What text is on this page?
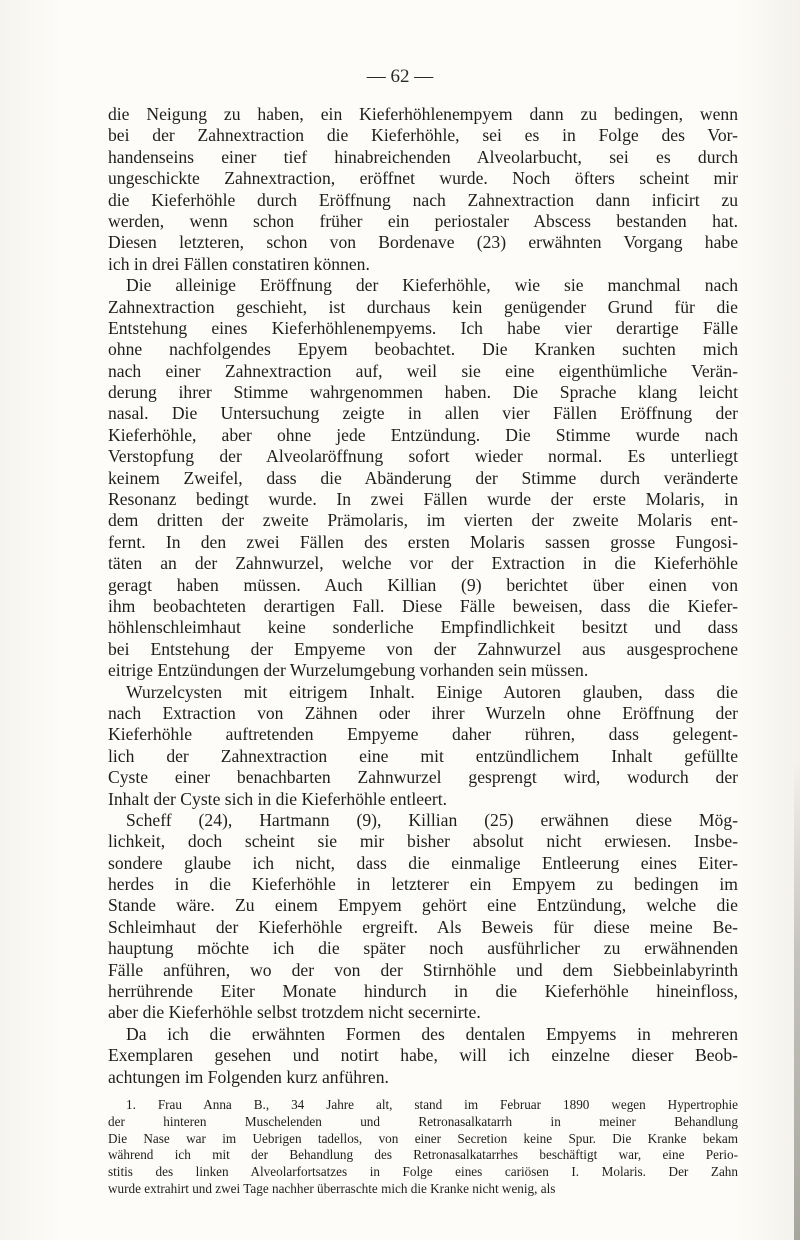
— 62 —
die Neigung zu haben, ein Kieferhöhlenempyem dann zu bedingen, wenn
bei der Zahnextraction die Kieferhöhle, sei es in Folge des Vor-
handenseins einer tief hinabreichenden Alveolarbucht, sei es durch
ungeschickte Zahnextraction, eröffnet wurde. Noch öfters scheint mir
die Kieferhöhle durch Eröffnung nach Zahnextraction dann inficirt zu
werden, wenn schon früher ein periostaler Abscess bestanden hat.
Diesen letzteren, schon von Bordenave (23) erwähnten Vorgang habe
ich in drei Fällen constatiren können.
Die alleinige Eröffnung der Kieferhöhle, wie sie manchmal nach
Zahnextraction geschieht, ist durchaus kein genügender Grund für die
Entstehung eines Kieferhöhlenempyems. Ich habe vier derartige Fälle
ohne nachfolgendes Epyem beobachtet. Die Kranken suchten mich
nach einer Zahnextraction auf, weil sie eine eigenthümliche Verän-
derung ihrer Stimme wahrgenommen haben. Die Sprache klang leicht
nasal. Die Untersuchung zeigte in allen vier Fällen Eröffnung der
Kieferhöhle, aber ohne jede Entzündung. Die Stimme wurde nach
Verstopfung der Alveolaröffnung sofort wieder normal. Es unterliegt
keinem Zweifel, dass die Abänderung der Stimme durch veränderte
Resonanz bedingt wurde. In zwei Fällen wurde der erste Molaris, in
dem dritten der zweite Prämolaris, im vierten der zweite Molaris ent-
fernt. In den zwei Fällen des ersten Molaris sassen grosse Fungosi-
täten an der Zahnwurzel, welche vor der Extraction in die Kieferhöhle
geragt haben müssen. Auch Killian (9) berichtet über einen von
ihm beobachteten derartigen Fall. Diese Fälle beweisen, dass die Kiefer-
höhlenschleimhaut keine sonderliche Empfindlichkeit besitzt und dass
bei Entstehung der Empyeme von der Zahnwurzel aus ausgesprochene
eitrige Entzündungen der Wurzelumgebung vorhanden sein müssen.
Wurzelcysten mit eitrigem Inhalt. Einige Autoren glauben, dass die
nach Extraction von Zähnen oder ihrer Wurzeln ohne Eröffnung der
Kieferhöhle auftretenden Empyeme daher rühren, dass gelegent-
lich der Zahnextraction eine mit entzündlichem Inhalt gefüllte
Cyste einer benachbarten Zahnwurzel gesprengt wird, wodurch der
Inhalt der Cyste sich in die Kieferhöhle entleert.
Scheff (24), Hartmann (9), Killian (25) erwähnen diese Mög-
lichkeit, doch scheint sie mir bisher absolut nicht erwiesen. Insbe-
sondere glaube ich nicht, dass die einmalige Entleerung eines Eiter-
herdes in die Kieferhöhle in letzterer ein Empyem zu bedingen im
Stande wäre. Zu einem Empyem gehört eine Entzündung, welche die
Schleimhaut der Kieferhöhle ergreift. Als Beweis für diese meine Be-
hauptung möchte ich die später noch ausführlicher zu erwähnenden
Fälle anführen, wo der von der Stirnhöhle und dem Siebbeinlabyrinth
herrührende Eiter Monate hindurch in die Kieferhöhle hineinfloss,
aber die Kieferhöhle selbst trotzdem nicht secernirte.
Da ich die erwähnten Formen des dentalen Empyems in mehreren
Exemplaren gesehen und notirt habe, will ich einzelne dieser Beob-
achtungen im Folgenden kurz anführen.
1. Frau Anna B., 34 Jahre alt, stand im Februar 1890 wegen Hypertrophie
der hinteren Muschelenden und Retronasalkatarrh in meiner Behandlung
Die Nase war im Uebrigen tadellos, von einer Secretion keine Spur. Die Kranke bekam
während ich mit der Behandlung des Retronasalkatarrhes beschäftigt war, eine Perio-
stitis des linken Alveolarfortsatzes in Folge eines cariösen I. Molaris. Der Zahn
wurde extrahirt und zwei Tage nachher überraschte mich die Kranke nicht wenig, als
